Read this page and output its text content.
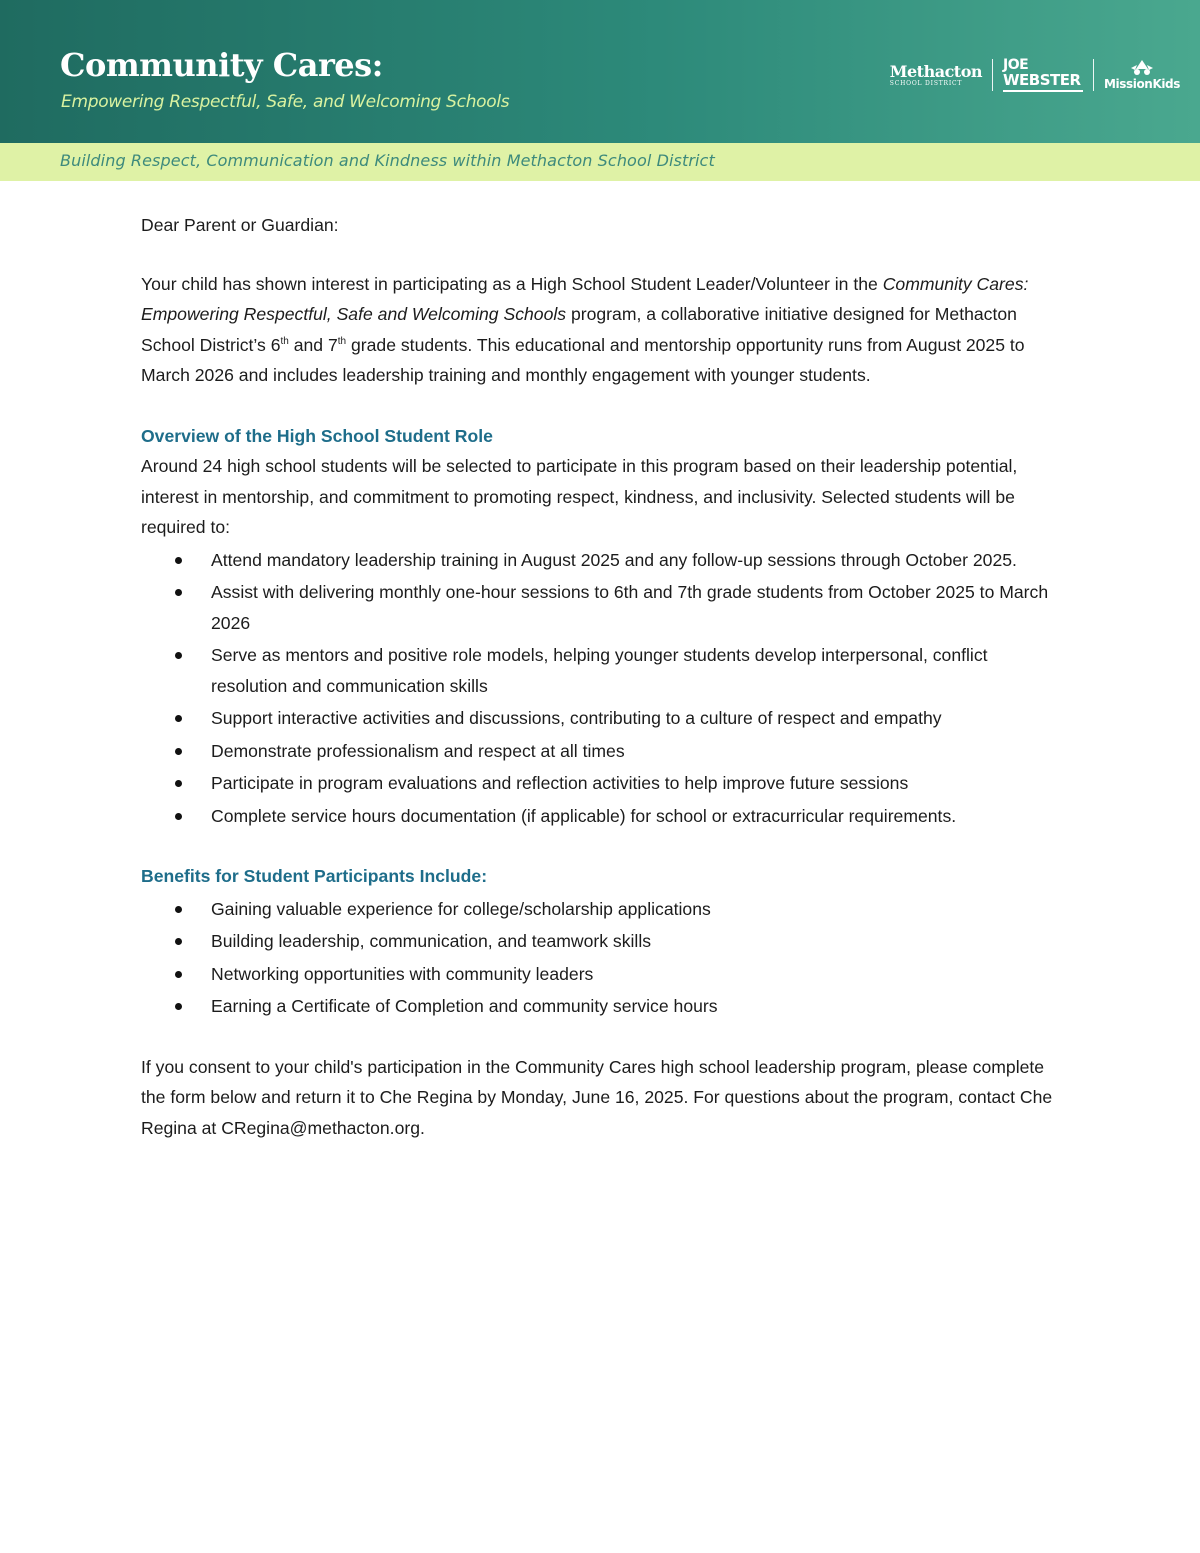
Community Cares:
Empowering Respectful, Safe, and Welcoming Schools
Methacton
SCHOOL DISTRICT
JOE
WEBSTER MissionKids
Building Respect, Communication and Kindness within Methacton School District

Dear Parent or Guardian:

Your child has shown interest in participating as a High School Student Leader/Volunteer in the Community Cares: Empowering Respectful, Safe and Welcoming Schools program, a collaborative initiative designed for Methacton School District’s 6th and 7th grade students. This educational and mentorship opportunity runs from August 2025 to March 2026 and includes leadership training and monthly engagement with younger students.

Overview of the High School Student Role

Around 24 high school students will be selected to participate in this program based on their leadership potential, interest in mentorship, and commitment to promoting respect, kindness, and inclusivity. Selected students will be required to:

Attend mandatory leadership training in August 2025 and any follow-up sessions through October 2025.
Assist with delivering monthly one-hour sessions to 6th and 7th grade students from October 2025 to March 2026
Serve as mentors and positive role models, helping younger students develop interpersonal, conflict resolution and communication skills
Support interactive activities and discussions, contributing to a culture of respect and empathy
Demonstrate professionalism and respect at all times
Participate in program evaluations and reflection activities to help improve future sessions
Complete service hours documentation (if applicable) for school or extracurricular requirements.

Benefits for Student Participants Include:

Gaining valuable experience for college/scholarship applications
Building leadership, communication, and teamwork skills
Networking opportunities with community leaders
Earning a Certificate of Completion and community service hours

If you consent to your child's participation in the Community Cares high school leadership program, please complete the form below and return it to Che Regina by Monday, June 16, 2025. For questions about the program, contact Che Regina at CRegina@methacton.org.
